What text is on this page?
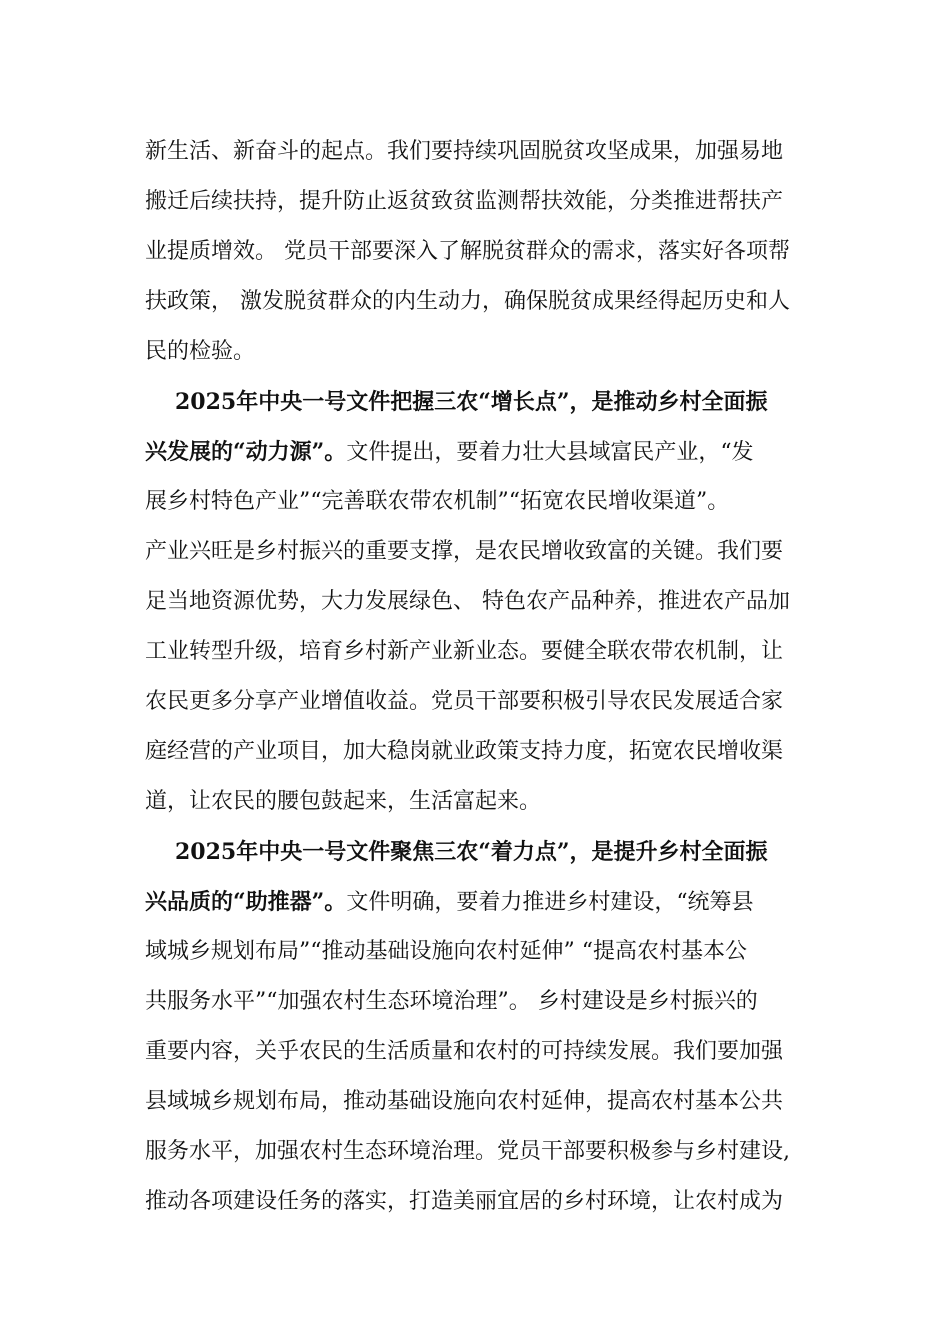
新生活、新奋斗的起点。我们要持续巩固脱贫攻坚成果，加强易地

搬迁后续扶持，提升防止返贫致贫监测帮扶效能，分类推进帮扶产

业提质增效。 党员干部要深入了解脱贫群众的需求，落实好各项帮

扶政策， 激发脱贫群众的内生动力，确保脱贫成果经得起历史和人

民的检验。

2025年中央一号文件把握三农“增长点”，是推动乡村全面振

兴发展的“动力源”。文件提出，要着力壮大县域富民产业，“发

展乡村特色产业”“完善联农带农机制”“拓宽农民增收渠道”。

产业兴旺是乡村振兴的重要支撑，是农民增收致富的关键。我们要

足当地资源优势，大力发展绿色、 特色农产品种养，推进农产品加

工业转型升级，培育乡村新产业新业态。要健全联农带农机制，让

农民更多分享产业增值收益。党员干部要积极引导农民发展适合家

庭经营的产业项目，加大稳岗就业政策支持力度，拓宽农民增收渠

道，让农民的腰包鼓起来，生活富起来。

2025年中央一号文件聚焦三农“着力点”，是提升乡村全面振

兴品质的“助推器”。文件明确，要着力推进乡村建设，“统筹县

域城乡规划布局”“推动基础设施向农村延伸” “提高农村基本公

共服务水平”“加强农村生态环境治理”。 乡村建设是乡村振兴的

重要内容，关乎农民的生活质量和农村的可持续发展。我们要加强

县域城乡规划布局，推动基础设施向农村延伸，提高农村基本公共

服务水平，加强农村生态环境治理。党员干部要积极参与乡村建设,

推动各项建设任务的落实，打造美丽宜居的乡村环境，让农村成为
